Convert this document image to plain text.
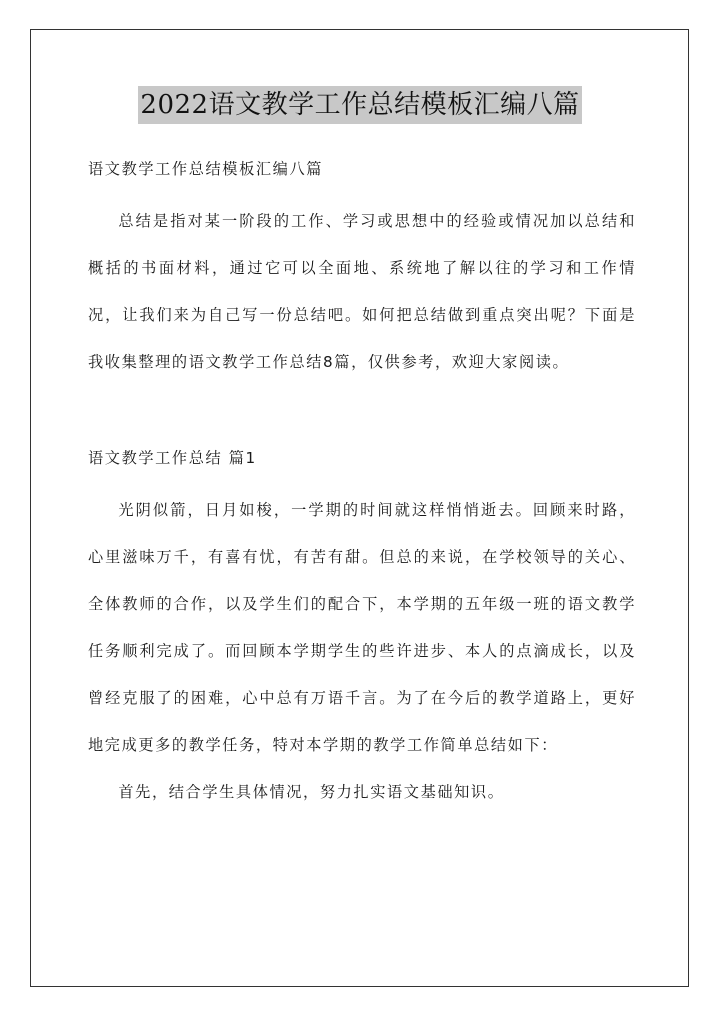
2022语文教学工作总结模板汇编八篇

语文教学工作总结模板汇编八篇

总结是指对某一阶段的工作、学习或思想中的经验或情况加以总结和概括的书面材料，通过它可以全面地、系统地了解以往的学习和工作情况，让我们来为自己写一份总结吧。如何把总结做到重点突出呢？下面是我收集整理的语文教学工作总结8篇，仅供参考，欢迎大家阅读。

语文教学工作总结 篇1

光阴似箭，日月如梭，一学期的时间就这样悄悄逝去。回顾来时路，心里滋味万千，有喜有忧，有苦有甜。但总的来说，在学校领导的关心、全体教师的合作，以及学生们的配合下，本学期的五年级一班的语文教学任务顺利完成了。而回顾本学期学生的些许进步、本人的点滴成长，以及曾经克服了的困难，心中总有万语千言。为了在今后的教学道路上，更好地完成更多的教学任务，特对本学期的教学工作简单总结如下：

首先，结合学生具体情况，努力扎实语文基础知识。
